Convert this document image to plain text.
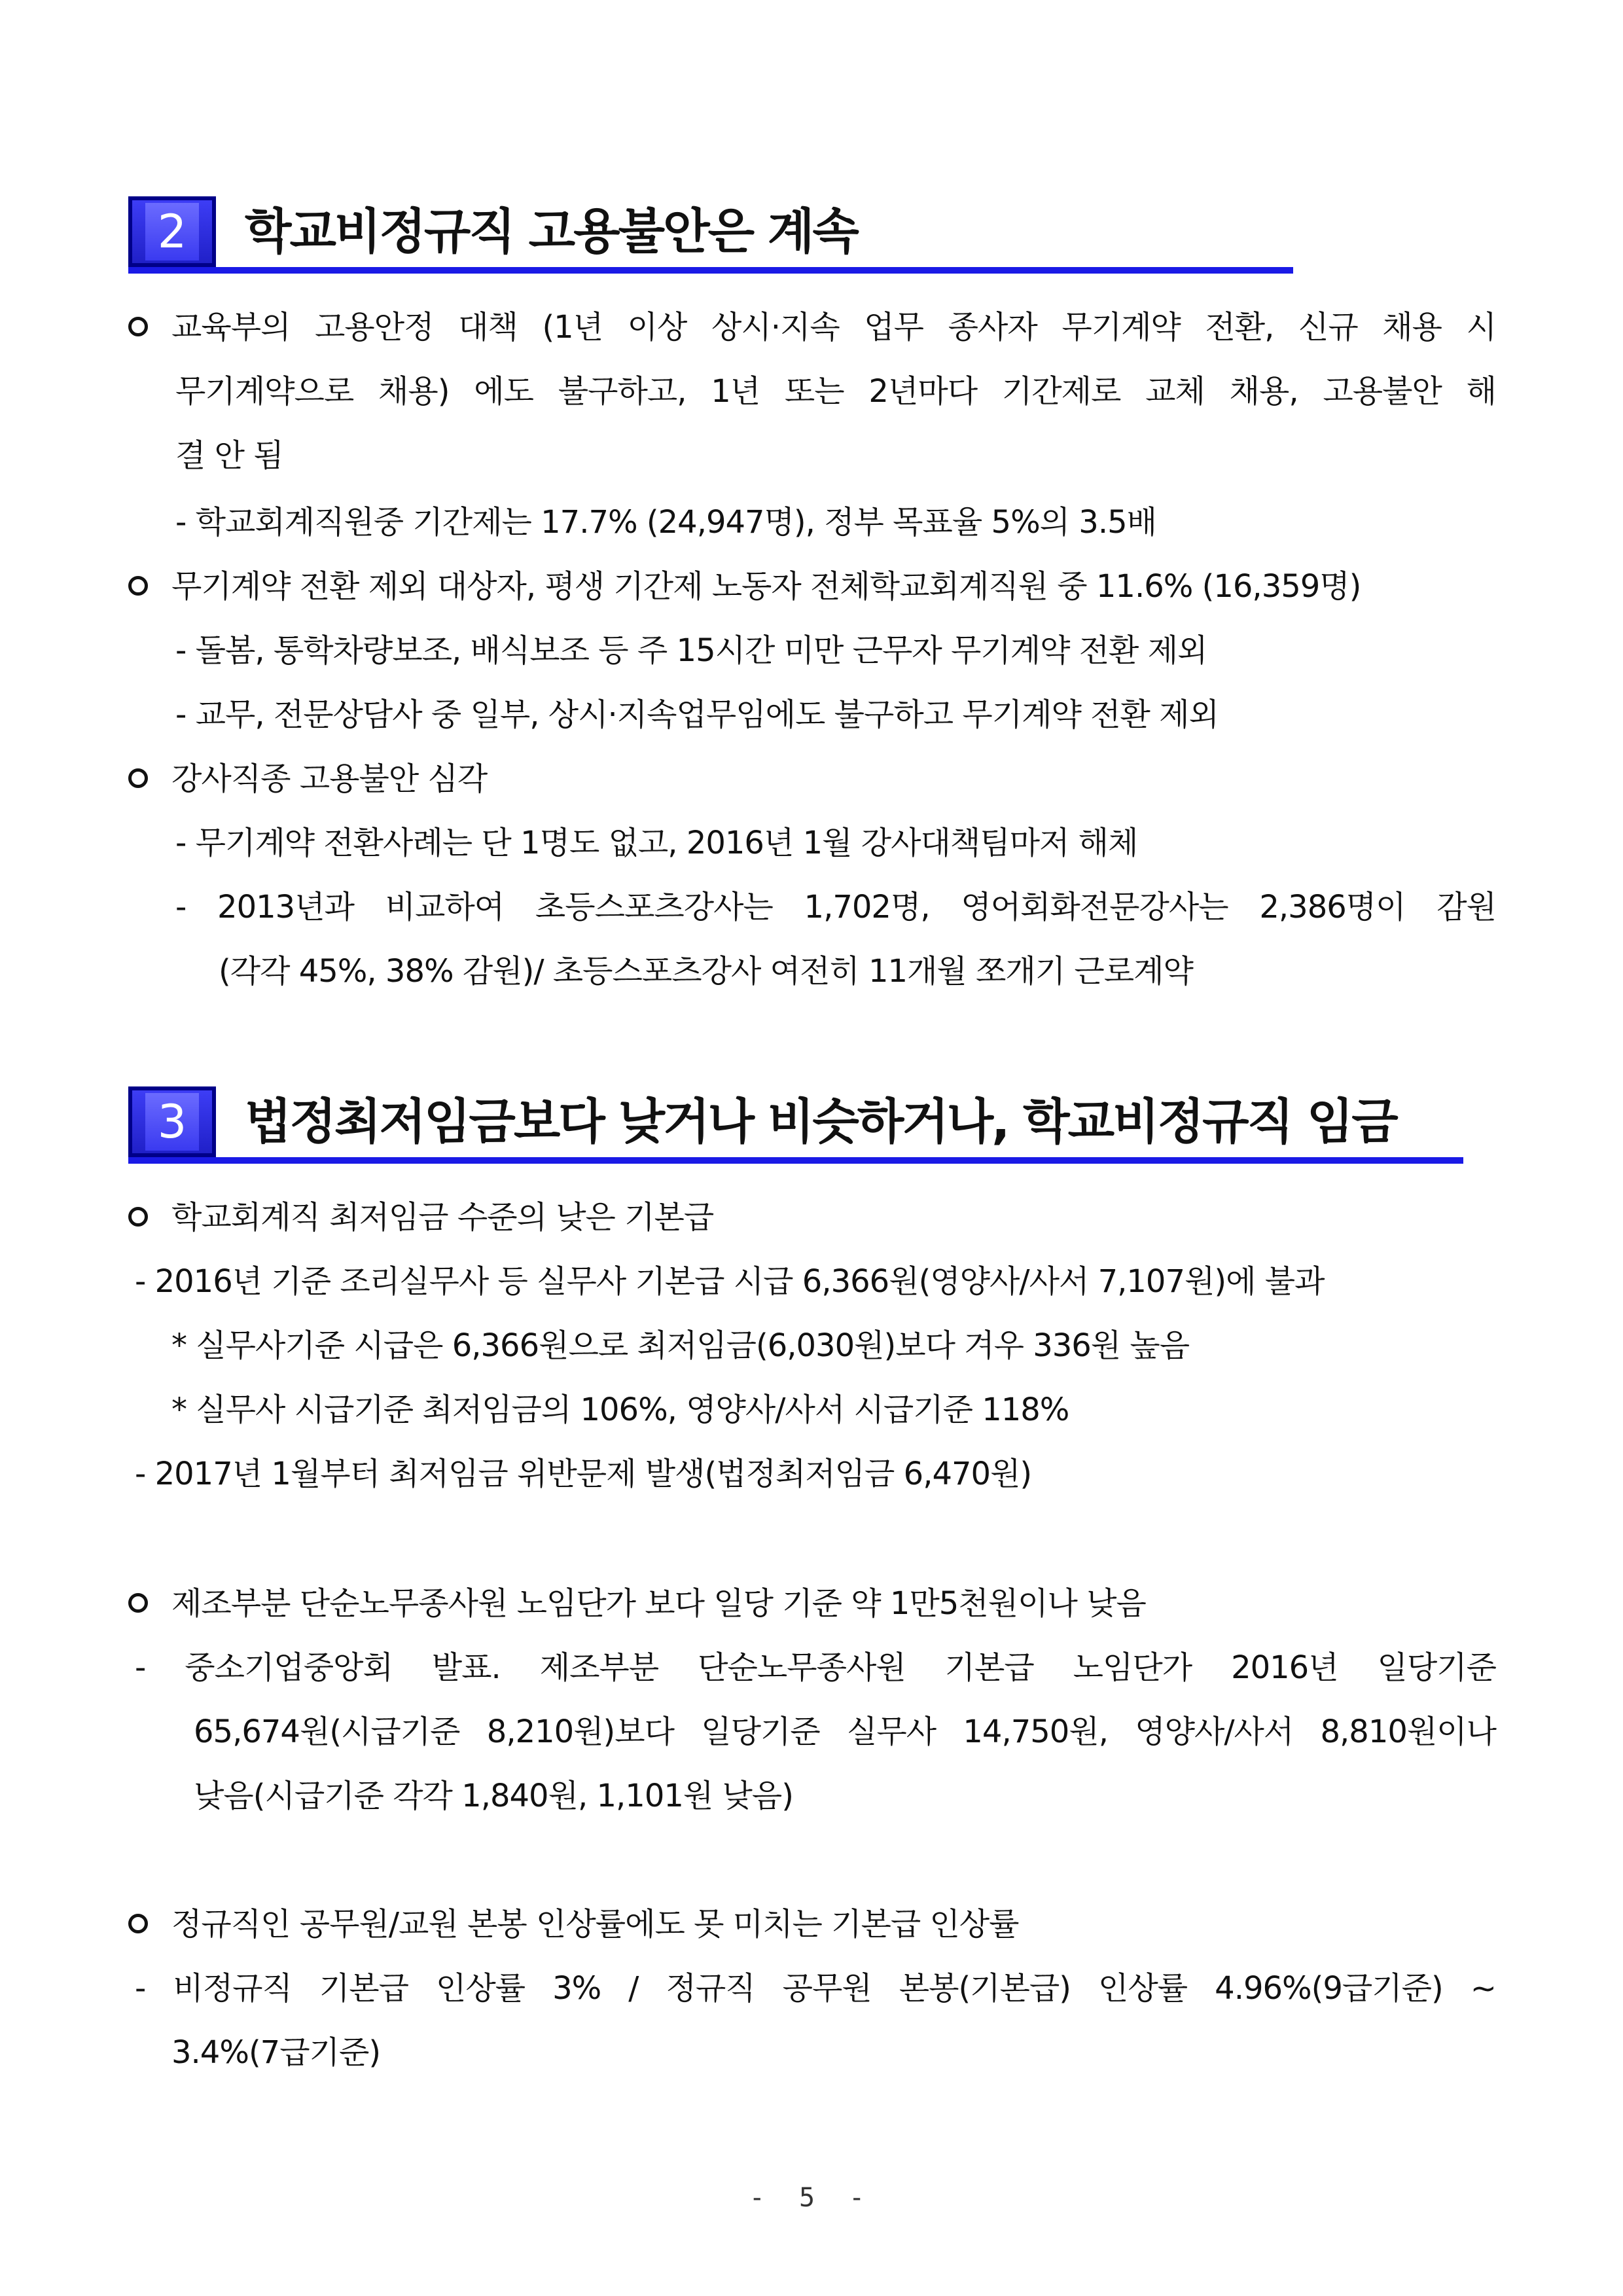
2 학교비정규직 고용불안은 계속
교육부의 고용안정 대책 (1년 이상 상시·지속 업무 종사자 무기계약 전환, 신규 채용 시
무기계약으로 채용) 에도 불구하고, 1년 또는 2년마다 기간제로 교체 채용, 고용불안 해
결 안 됨
- 학교회계직원중 기간제는 17.7% (24,947명), 정부 목표율 5%의 3.5배
무기계약 전환 제외 대상자, 평생 기간제 노동자 전체학교회계직원 중 11.6% (16,359명)
- 돌봄, 통학차량보조, 배식보조 등 주 15시간 미만 근무자 무기계약 전환 제외
- 교무, 전문상담사 중 일부, 상시·지속업무임에도 불구하고 무기계약 전환 제외
강사직종 고용불안 심각
- 무기계약 전환사례는 단 1명도 없고, 2016년 1월 강사대책팀마저 해체
- 2013년과 비교하여 초등스포츠강사는 1,702명, 영어회화전문강사는 2,386명이 감원
(각각 45%, 38% 감원)/ 초등스포츠강사 여전히 11개월 쪼개기 근로계약
3 법정최저임금보다 낮거나 비슷하거나, 학교비정규직 임금
학교회계직 최저임금 수준의 낮은 기본급
- 2016년 기준 조리실무사 등 실무사 기본급 시급 6,366원(영양사/사서 7,107원)에 불과
* 실무사기준 시급은 6,366원으로 최저임금(6,030원)보다 겨우 336원 높음
* 실무사 시급기준 최저임금의 106%, 영양사/사서 시급기준 118%
- 2017년 1월부터 최저임금 위반문제 발생(법정최저임금 6,470원)
제조부분 단순노무종사원 노임단가 보다 일당 기준 약 1만5천원이나 낮음
- 중소기업중앙회 발표. 제조부분 단순노무종사원 기본급 노임단가 2016년 일당기준
65,674원(시급기준 8,210원)보다 일당기준 실무사 14,750원, 영양사/사서 8,810원이나
낮음(시급기준 각각 1,840원, 1,101원 낮음)
정규직인 공무원/교원 본봉 인상률에도 못 미치는 기본급 인상률
- 비정규직 기본급 인상률 3% / 정규직 공무원 본봉(기본급) 인상률 4.96%(9급기준) ~
3.4%(7급기준)
- 5 -
